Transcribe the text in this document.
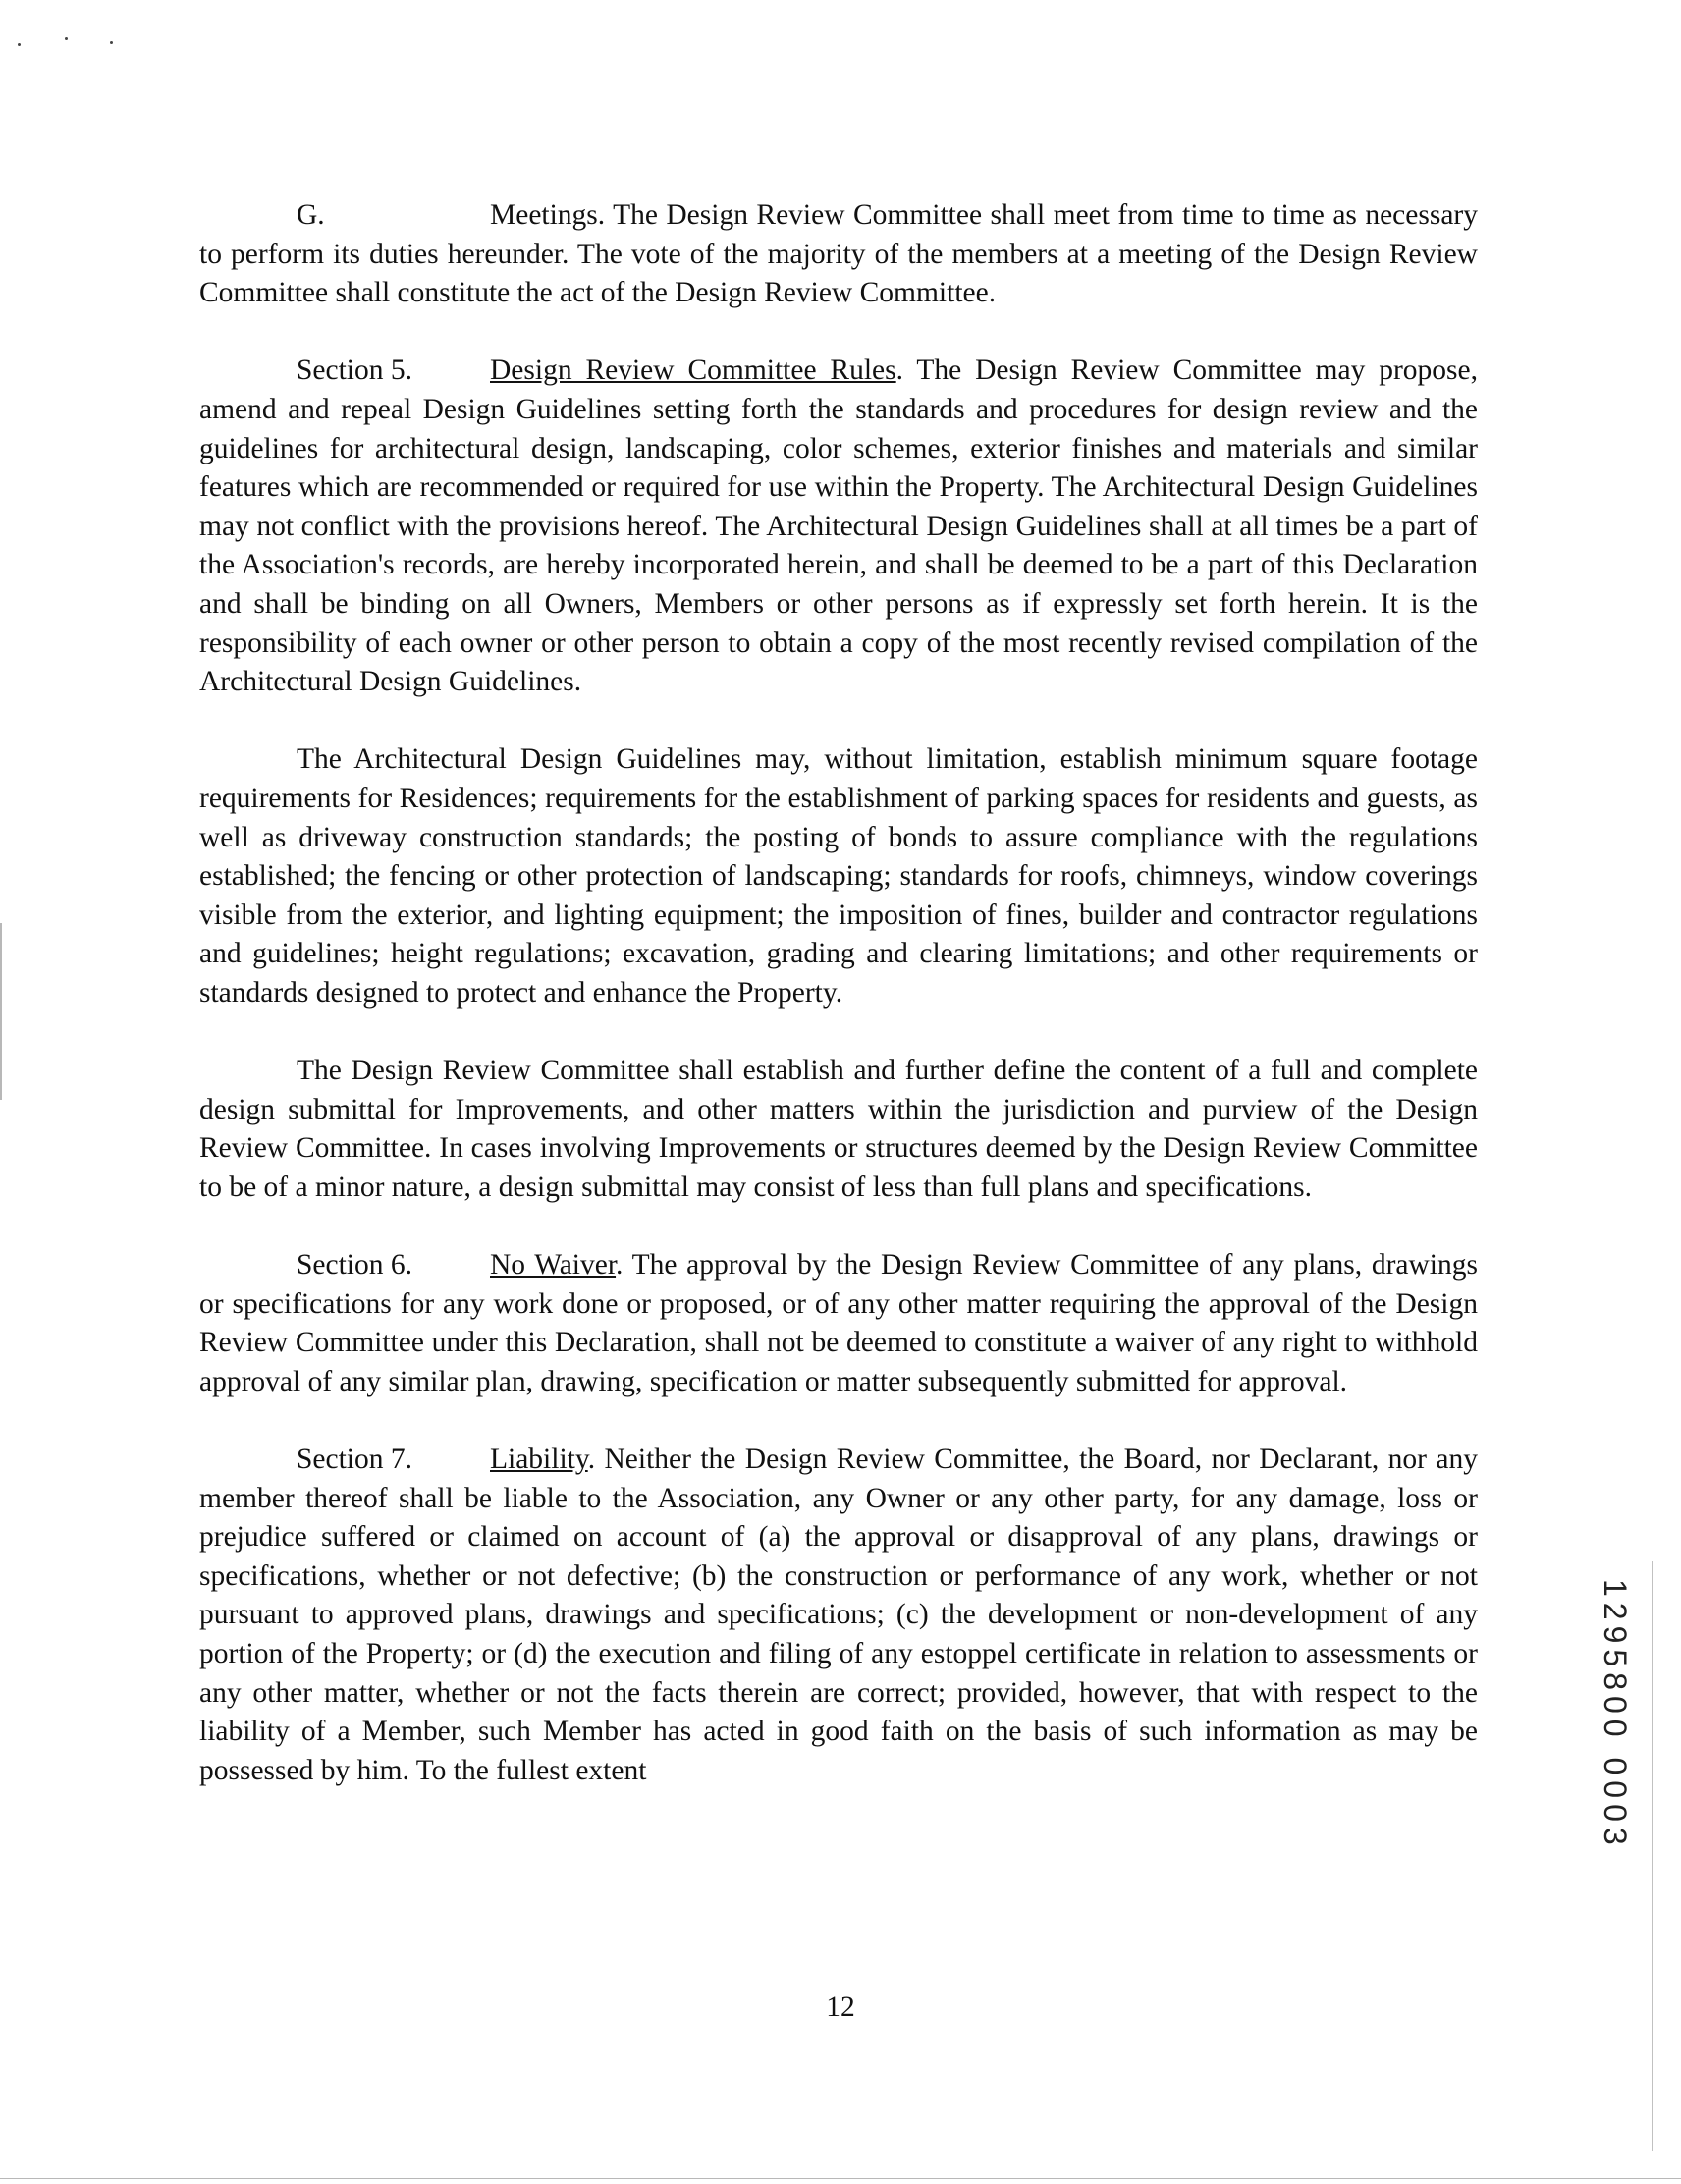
G.	Meetings. The Design Review Committee shall meet from time to time as necessary to perform its duties hereunder. The vote of the majority of the members at a meeting of the Design Review Committee shall constitute the act of the Design Review Committee.

Section 5.	Design Review Committee Rules. The Design Review Committee may propose, amend and repeal Design Guidelines setting forth the standards and procedures for design review and the guidelines for architectural design, landscaping, color schemes, exterior finishes and materials and similar features which are recommended or required for use within the Property. The Architectural Design Guidelines may not conflict with the provisions hereof. The Architectural Design Guidelines shall at all times be a part of the Association's records, are hereby incorporated herein, and shall be deemed to be a part of this Declaration and shall be binding on all Owners, Members or other persons as if expressly set forth herein. It is the responsibility of each owner or other person to obtain a copy of the most recently revised compilation of the Architectural Design Guidelines.

The Architectural Design Guidelines may, without limitation, establish minimum square footage requirements for Residences; requirements for the establishment of parking spaces for residents and guests, as well as driveway construction standards; the posting of bonds to assure compliance with the regulations established; the fencing or other protection of landscaping; standards for roofs, chimneys, window coverings visible from the exterior, and lighting equipment; the imposition of fines, builder and contractor regulations and guidelines; height regulations; excavation, grading and clearing limitations; and other requirements or standards designed to protect and enhance the Property.

The Design Review Committee shall establish and further define the content of a full and complete design submittal for Improvements, and other matters within the jurisdiction and purview of the Design Review Committee. In cases involving Improvements or structures deemed by the Design Review Committee to be of a minor nature, a design submittal may consist of less than full plans and specifications.

Section 6.	No Waiver. The approval by the Design Review Committee of any plans, drawings or specifications for any work done or proposed, or of any other matter requiring the approval of the Design Review Committee under this Declaration, shall not be deemed to constitute a waiver of any right to withhold approval of any similar plan, drawing, specification or matter subsequently submitted for approval.

Section 7.	Liability. Neither the Design Review Committee, the Board, nor Declarant, nor any member thereof shall be liable to the Association, any Owner or any other party, for any damage, loss or prejudice suffered or claimed on account of (a) the approval or disapproval of any plans, drawings or specifications, whether or not defective; (b) the construction or performance of any work, whether or not pursuant to approved plans, drawings and specifications; (c) the development or non-development of any portion of the Property; or (d) the execution and filing of any estoppel certificate in relation to assessments or any other matter, whether or not the facts therein are correct; provided, however, that with respect to the liability of a Member, such Member has acted in good faith on the basis of such information as may be possessed by him. To the fullest extent

12
1295800 0003
